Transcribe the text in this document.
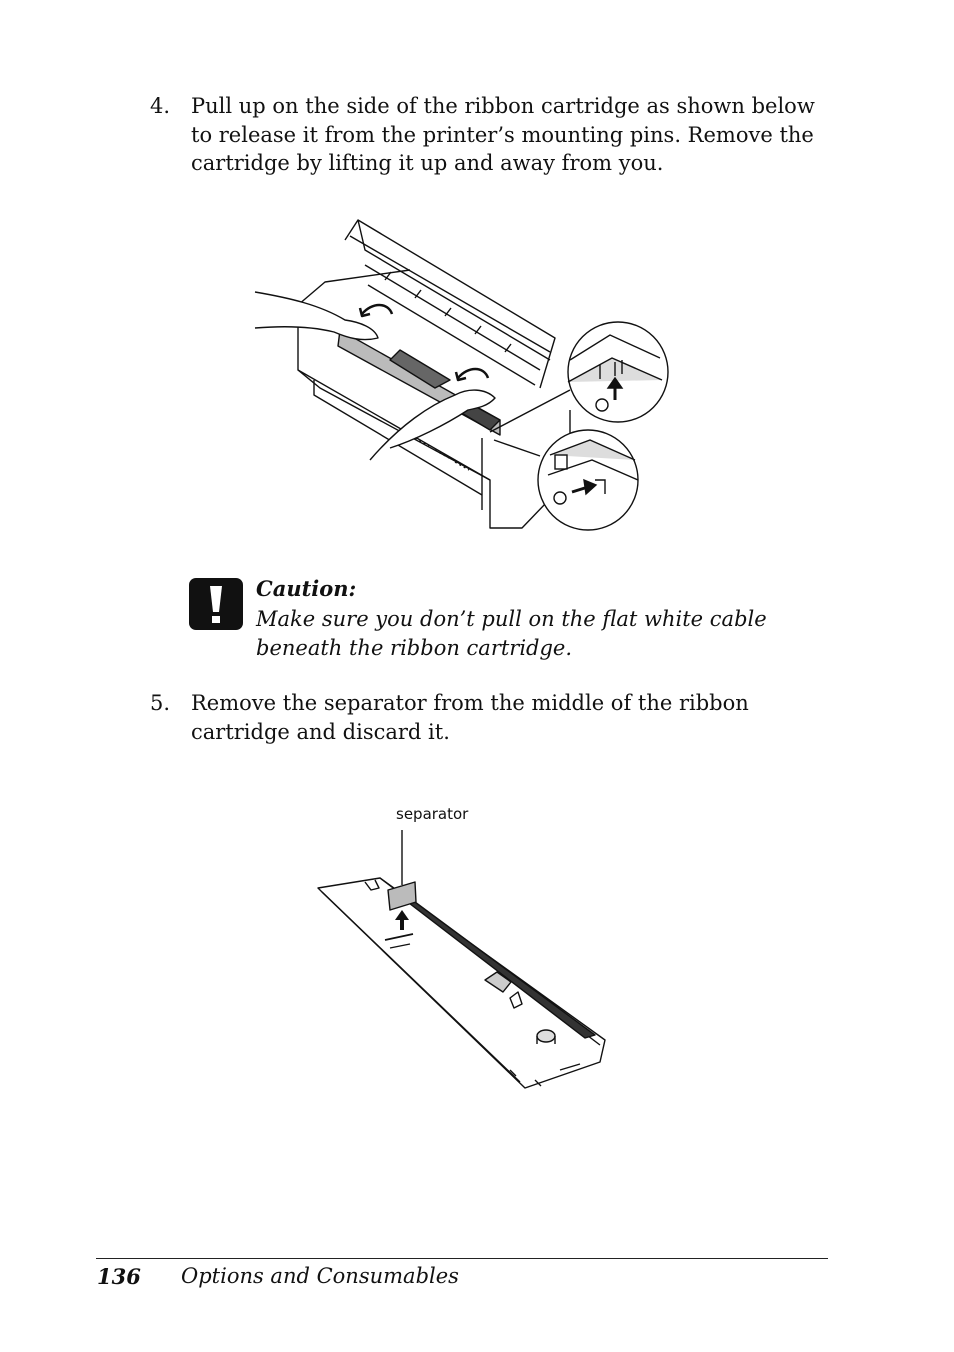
4. Pull up on the side of the ribbon cartridge as shown below to release it from the printer’s mounting pins. Remove the cartridge by lifting it up and away from you.
Caution:
Make sure you don’t pull on the flat white cable beneath the ribbon cartridge.
5. Remove the separator from the middle of the ribbon cartridge and discard it.
separator
136 Options and Consumables
